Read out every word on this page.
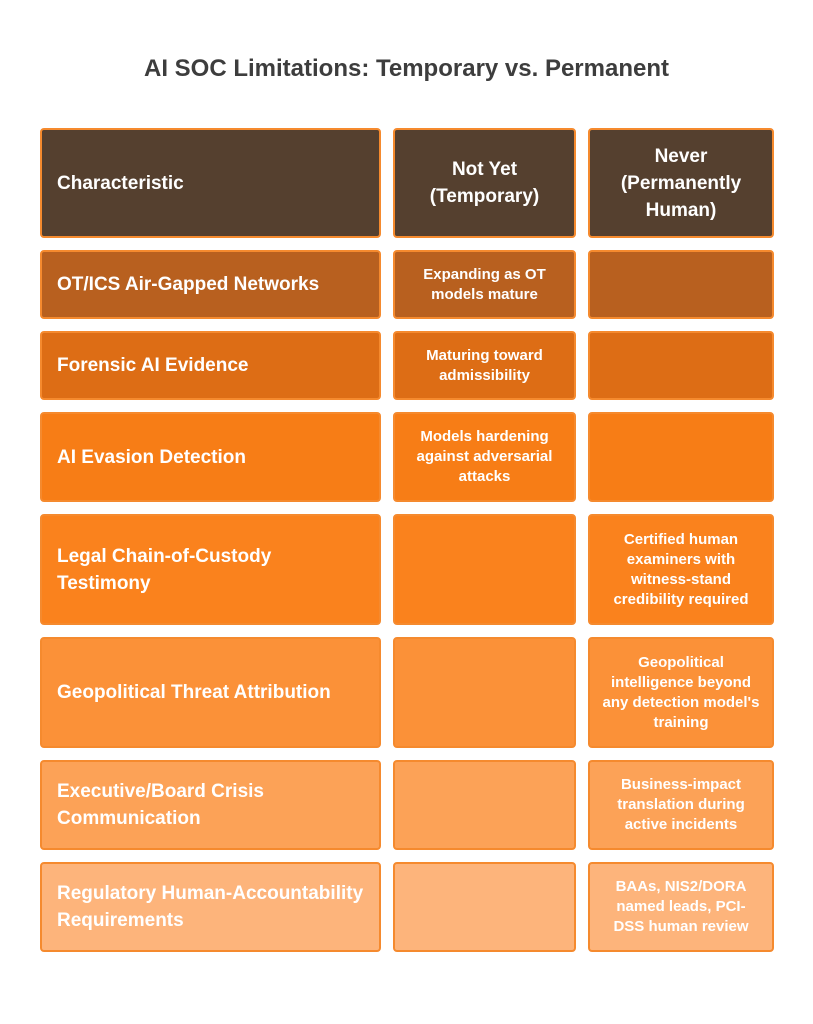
AI SOC Limitations: Temporary vs. Permanent
Characteristic
Not Yet (Temporary)
Never (Permanently Human)
OT/ICS Air-Gapped Networks	Expanding as OT models mature
Forensic AI Evidence	Maturing toward admissibility
AI Evasion Detection
Models hardening against adversarial attacks
Legal Chain-of-Custody Testimony
Certified human examiners with witness-stand credibility required
Geopolitical Threat Attribution
Geopolitical intelligence beyond any detection model's training
Executive/Board Crisis Communication
Business-impact translation during active incidents
Regulatory Human-Accountability Requirements
BAAs, NIS2/DORA named leads, PCI-DSS human review
